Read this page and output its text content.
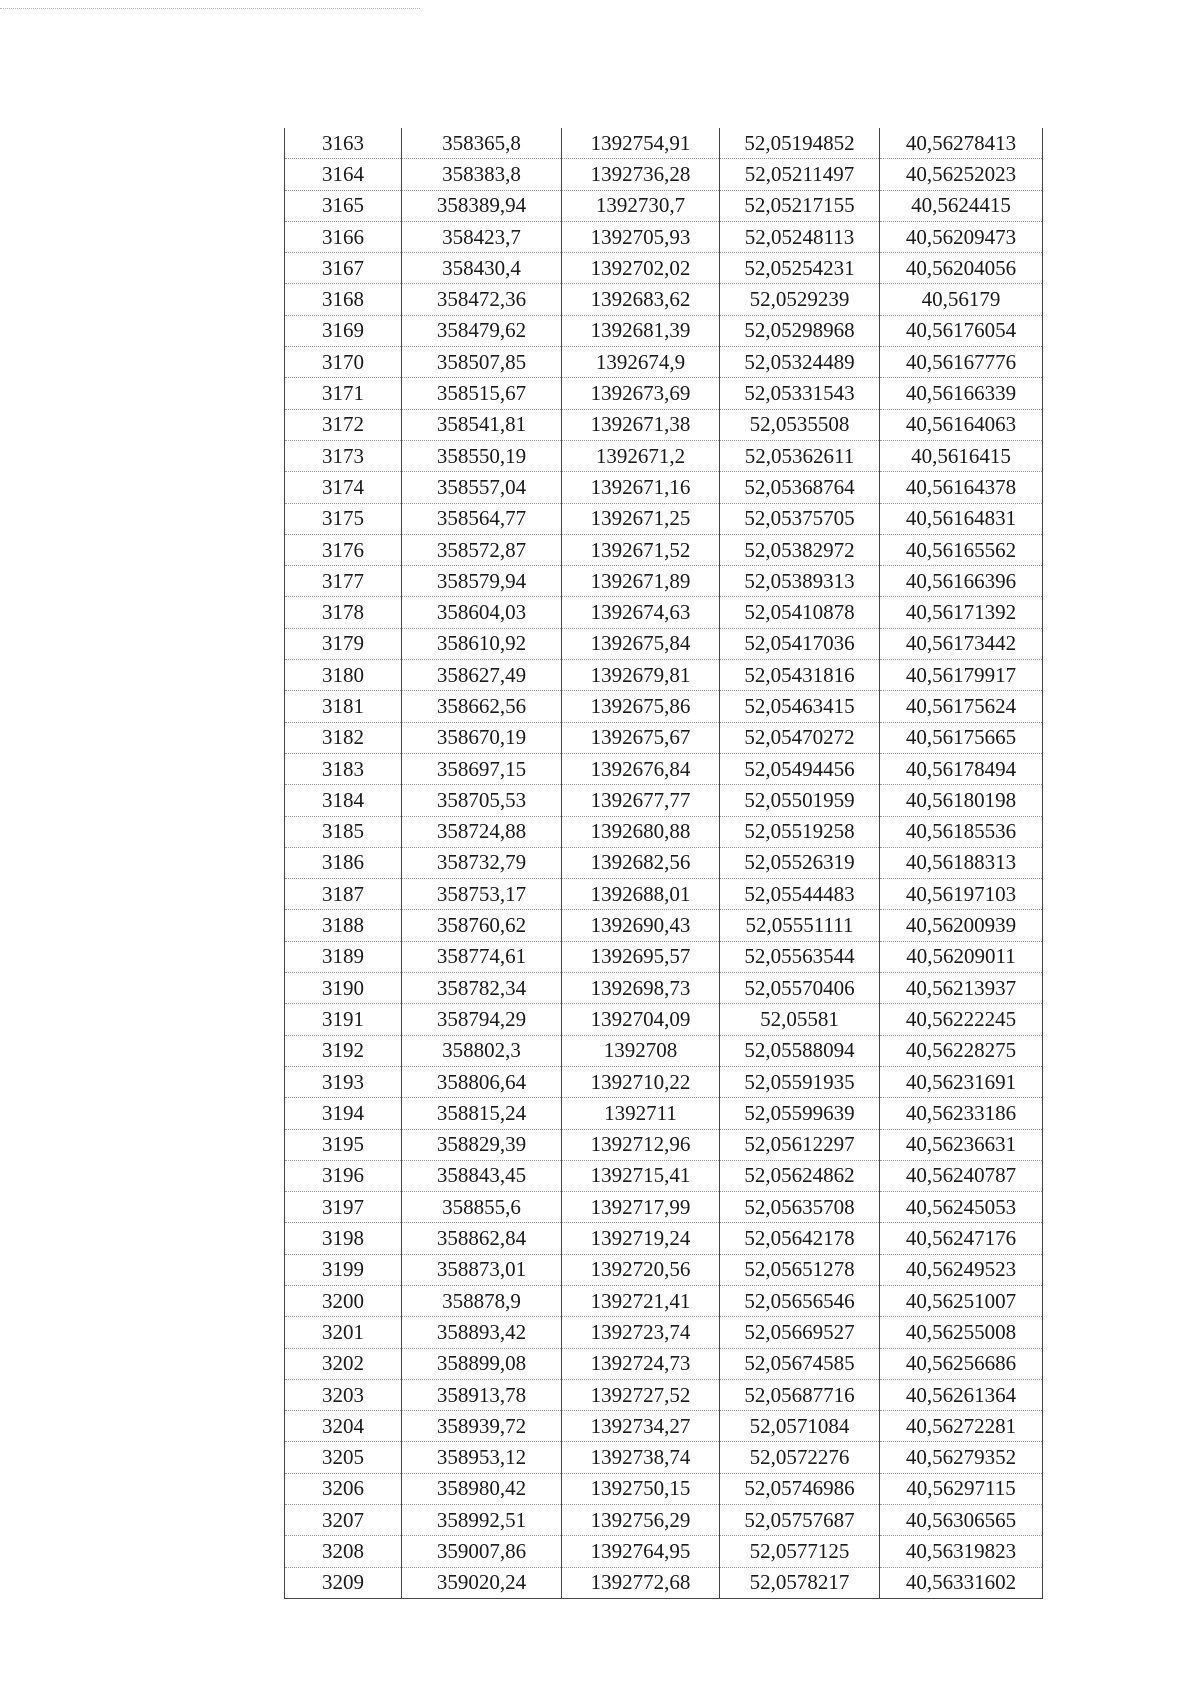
3163	358365,8	1392754,91	52,05194852	40,56278413
3164	358383,8	1392736,28	52,05211497	40,56252023
3165	358389,94	1392730,7	52,05217155	40,5624415
3166	358423,7	1392705,93	52,05248113	40,56209473
3167	358430,4	1392702,02	52,05254231	40,56204056
3168	358472,36	1392683,62	52,0529239	40,56179
3169	358479,62	1392681,39	52,05298968	40,56176054
3170	358507,85	1392674,9	52,05324489	40,56167776
3171	358515,67	1392673,69	52,05331543	40,56166339
3172	358541,81	1392671,38	52,0535508	40,56164063
3173	358550,19	1392671,2	52,05362611	40,5616415
3174	358557,04	1392671,16	52,05368764	40,56164378
3175	358564,77	1392671,25	52,05375705	40,56164831
3176	358572,87	1392671,52	52,05382972	40,56165562
3177	358579,94	1392671,89	52,05389313	40,56166396
3178	358604,03	1392674,63	52,05410878	40,56171392
3179	358610,92	1392675,84	52,05417036	40,56173442
3180	358627,49	1392679,81	52,05431816	40,56179917
3181	358662,56	1392675,86	52,05463415	40,56175624
3182	358670,19	1392675,67	52,05470272	40,56175665
3183	358697,15	1392676,84	52,05494456	40,56178494
3184	358705,53	1392677,77	52,05501959	40,56180198
3185	358724,88	1392680,88	52,05519258	40,56185536
3186	358732,79	1392682,56	52,05526319	40,56188313
3187	358753,17	1392688,01	52,05544483	40,56197103
3188	358760,62	1392690,43	52,05551111	40,56200939
3189	358774,61	1392695,57	52,05563544	40,56209011
3190	358782,34	1392698,73	52,05570406	40,56213937
3191	358794,29	1392704,09	52,05581	40,56222245
3192	358802,3	1392708	52,05588094	40,56228275
3193	358806,64	1392710,22	52,05591935	40,56231691
3194	358815,24	1392711	52,05599639	40,56233186
3195	358829,39	1392712,96	52,05612297	40,56236631
3196	358843,45	1392715,41	52,05624862	40,56240787
3197	358855,6	1392717,99	52,05635708	40,56245053
3198	358862,84	1392719,24	52,05642178	40,56247176
3199	358873,01	1392720,56	52,05651278	40,56249523
3200	358878,9	1392721,41	52,05656546	40,56251007
3201	358893,42	1392723,74	52,05669527	40,56255008
3202	358899,08	1392724,73	52,05674585	40,56256686
3203	358913,78	1392727,52	52,05687716	40,56261364
3204	358939,72	1392734,27	52,0571084	40,56272281
3205	358953,12	1392738,74	52,0572276	40,56279352
3206	358980,42	1392750,15	52,05746986	40,56297115
3207	358992,51	1392756,29	52,05757687	40,56306565
3208	359007,86	1392764,95	52,0577125	40,56319823
3209	359020,24	1392772,68	52,0578217	40,56331602
